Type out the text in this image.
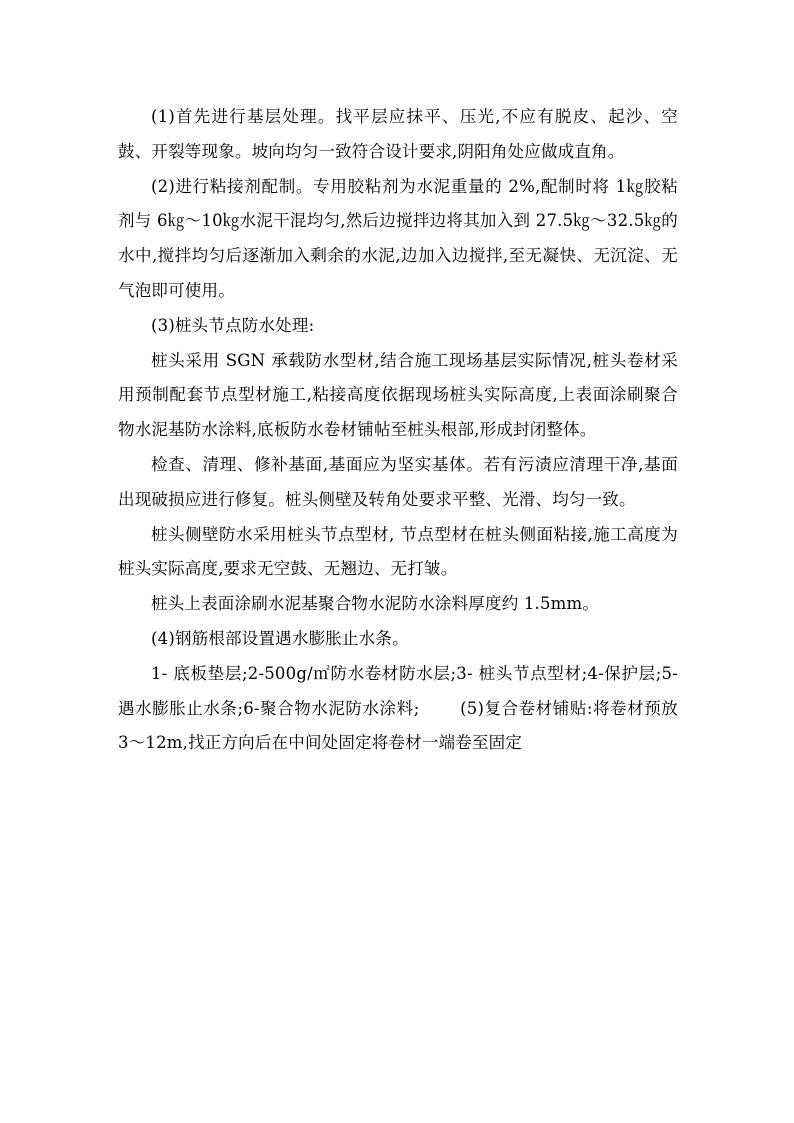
(1)首先进行基层处理。找平层应抹平、压光,不应有脱皮、起沙、空鼓、开裂等现象。坡向均匀一致符合设计要求,阴阳角处应做成直角。

(2)进行粘接剂配制。专用胶粘剂为水泥重量的 2%,配制时将 1㎏胶粘剂与 6㎏～10㎏水泥干混均匀,然后边搅拌边将其加入到 27.5㎏～32.5㎏的水中,搅拌均匀后逐渐加入剩余的水泥,边加入边搅拌,至无凝快、无沉淀、无气泡即可使用。

(3)桩头节点防水处理:

桩头采用 SGN 承载防水型材,结合施工现场基层实际情况,桩头卷材采用预制配套节点型材施工,粘接高度依据现场桩头实际高度,上表面涂刷聚合物水泥基防水涂料,底板防水卷材铺帖至桩头根部,形成封闭整体。

检查、清理、修补基面,基面应为坚实基体。若有污渍应清理干净,基面出现破损应进行修复。桩头侧壁及转角处要求平整、光滑、均匀一致。

桩头侧壁防水采用桩头节点型材, 节点型材在桩头侧面粘接,施工高度为桩头实际高度,要求无空鼓、无翘边、无打皱。

桩头上表面涂刷水泥基聚合物水泥防水涂料厚度约 1.5mm。

(4)钢筋根部设置遇水膨胀止水条。

1- 底板垫层;2-500g/㎡防水卷材防水层;3- 桩头节点型材;4-保护层;5-遇水膨胀止水条;6-聚合物水泥防水涂料;       (5)复合卷材铺贴:将卷材预放 3～12m,找正方向后在中间处固定将卷材一端卷至固定
